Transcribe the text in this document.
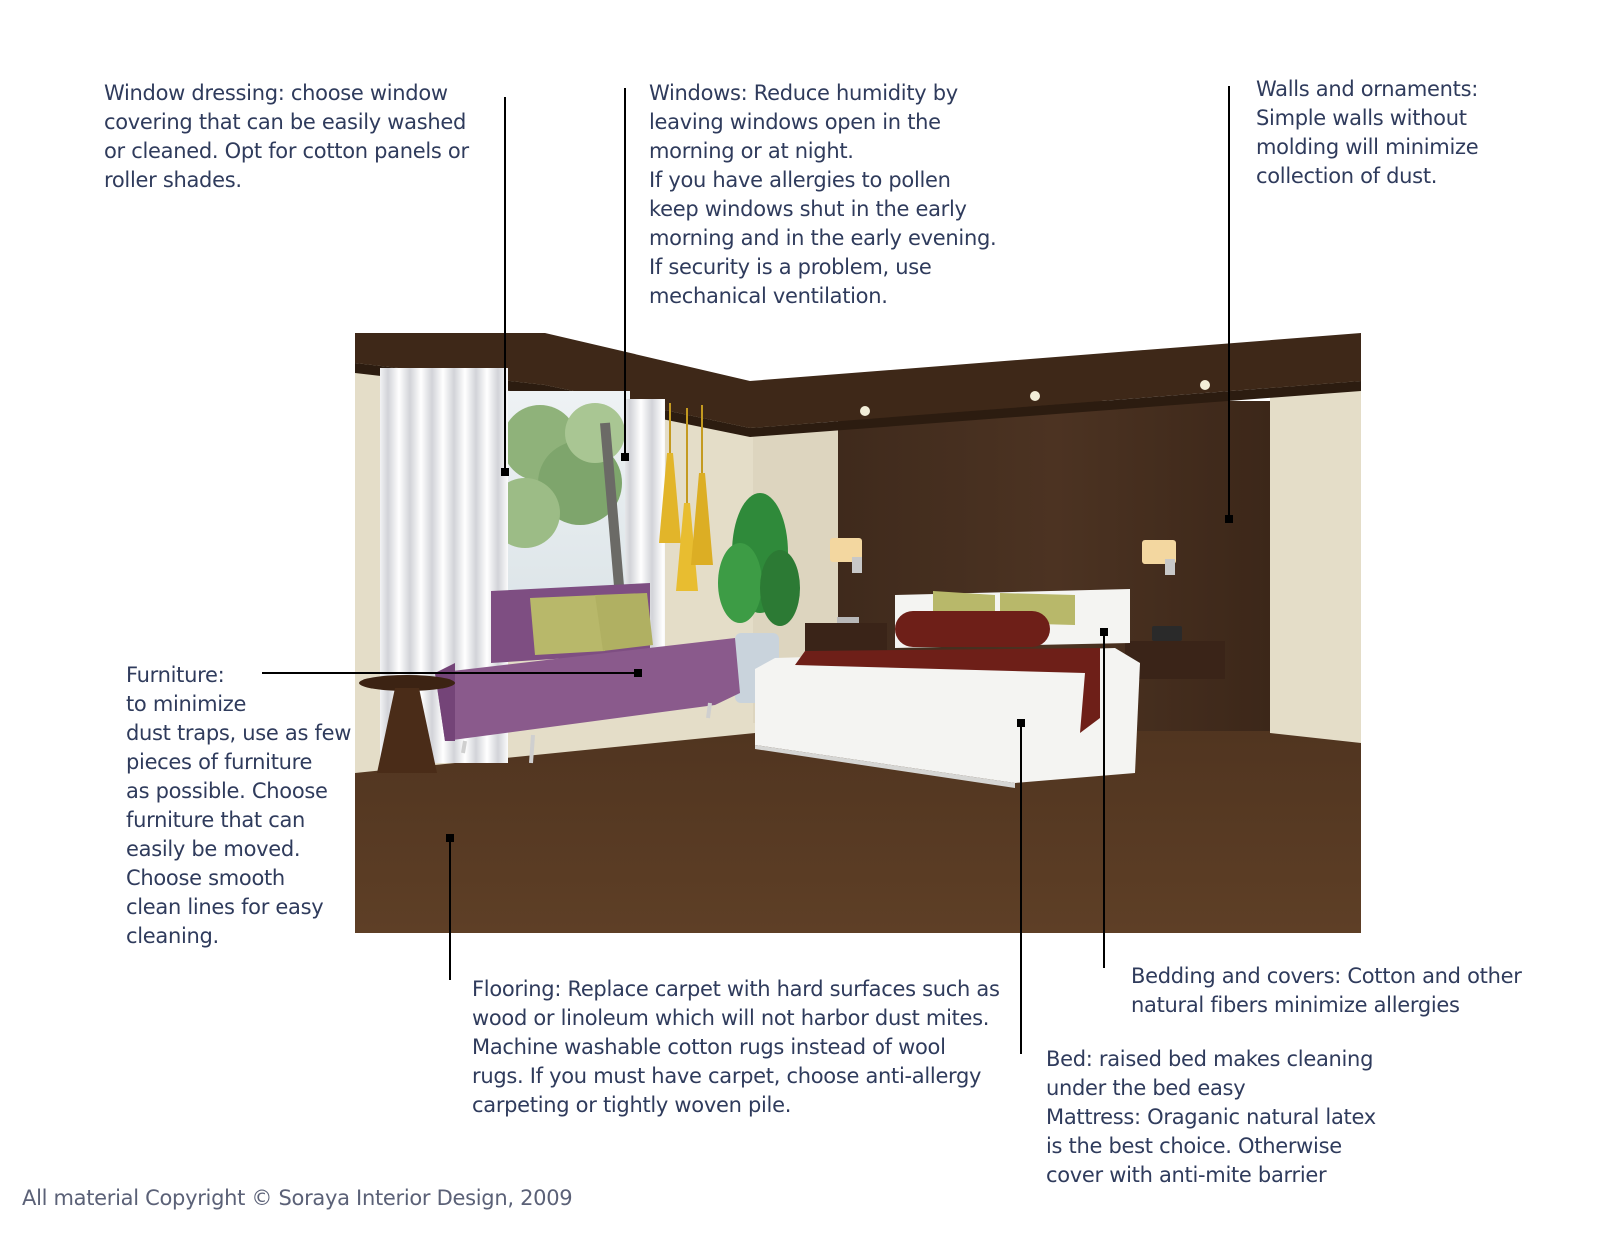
Window dressing: choose window
covering that can be easily washed
or cleaned. Opt for cotton panels or
roller shades.
Windows: Reduce humidity by
leaving windows open in the
morning or at night.
If you have allergies to pollen
keep windows shut in the early
morning and in the early evening.
If security is a problem, use
mechanical ventilation.
Walls and ornaments:
Simple walls without
molding will minimize
collection of dust.
Furniture:
to minimize
dust traps, use as few
pieces of furniture
as possible. Choose
furniture that can
easily be moved.
Choose smooth
clean lines for easy
cleaning.
Flooring: Replace carpet with hard surfaces such as
wood or linoleum which will not harbor dust mites.
Machine washable cotton rugs instead of wool
rugs. If you must have carpet, choose anti-allergy
carpeting or tightly woven pile.
Bedding and covers: Cotton and other
natural fibers minimize allergies
Bed: raised bed makes cleaning
under the bed easy
Mattress: Oraganic natural latex
is the best choice. Otherwise
cover with anti-mite barrier
All material Copyright © Soraya Interior Design, 2009
